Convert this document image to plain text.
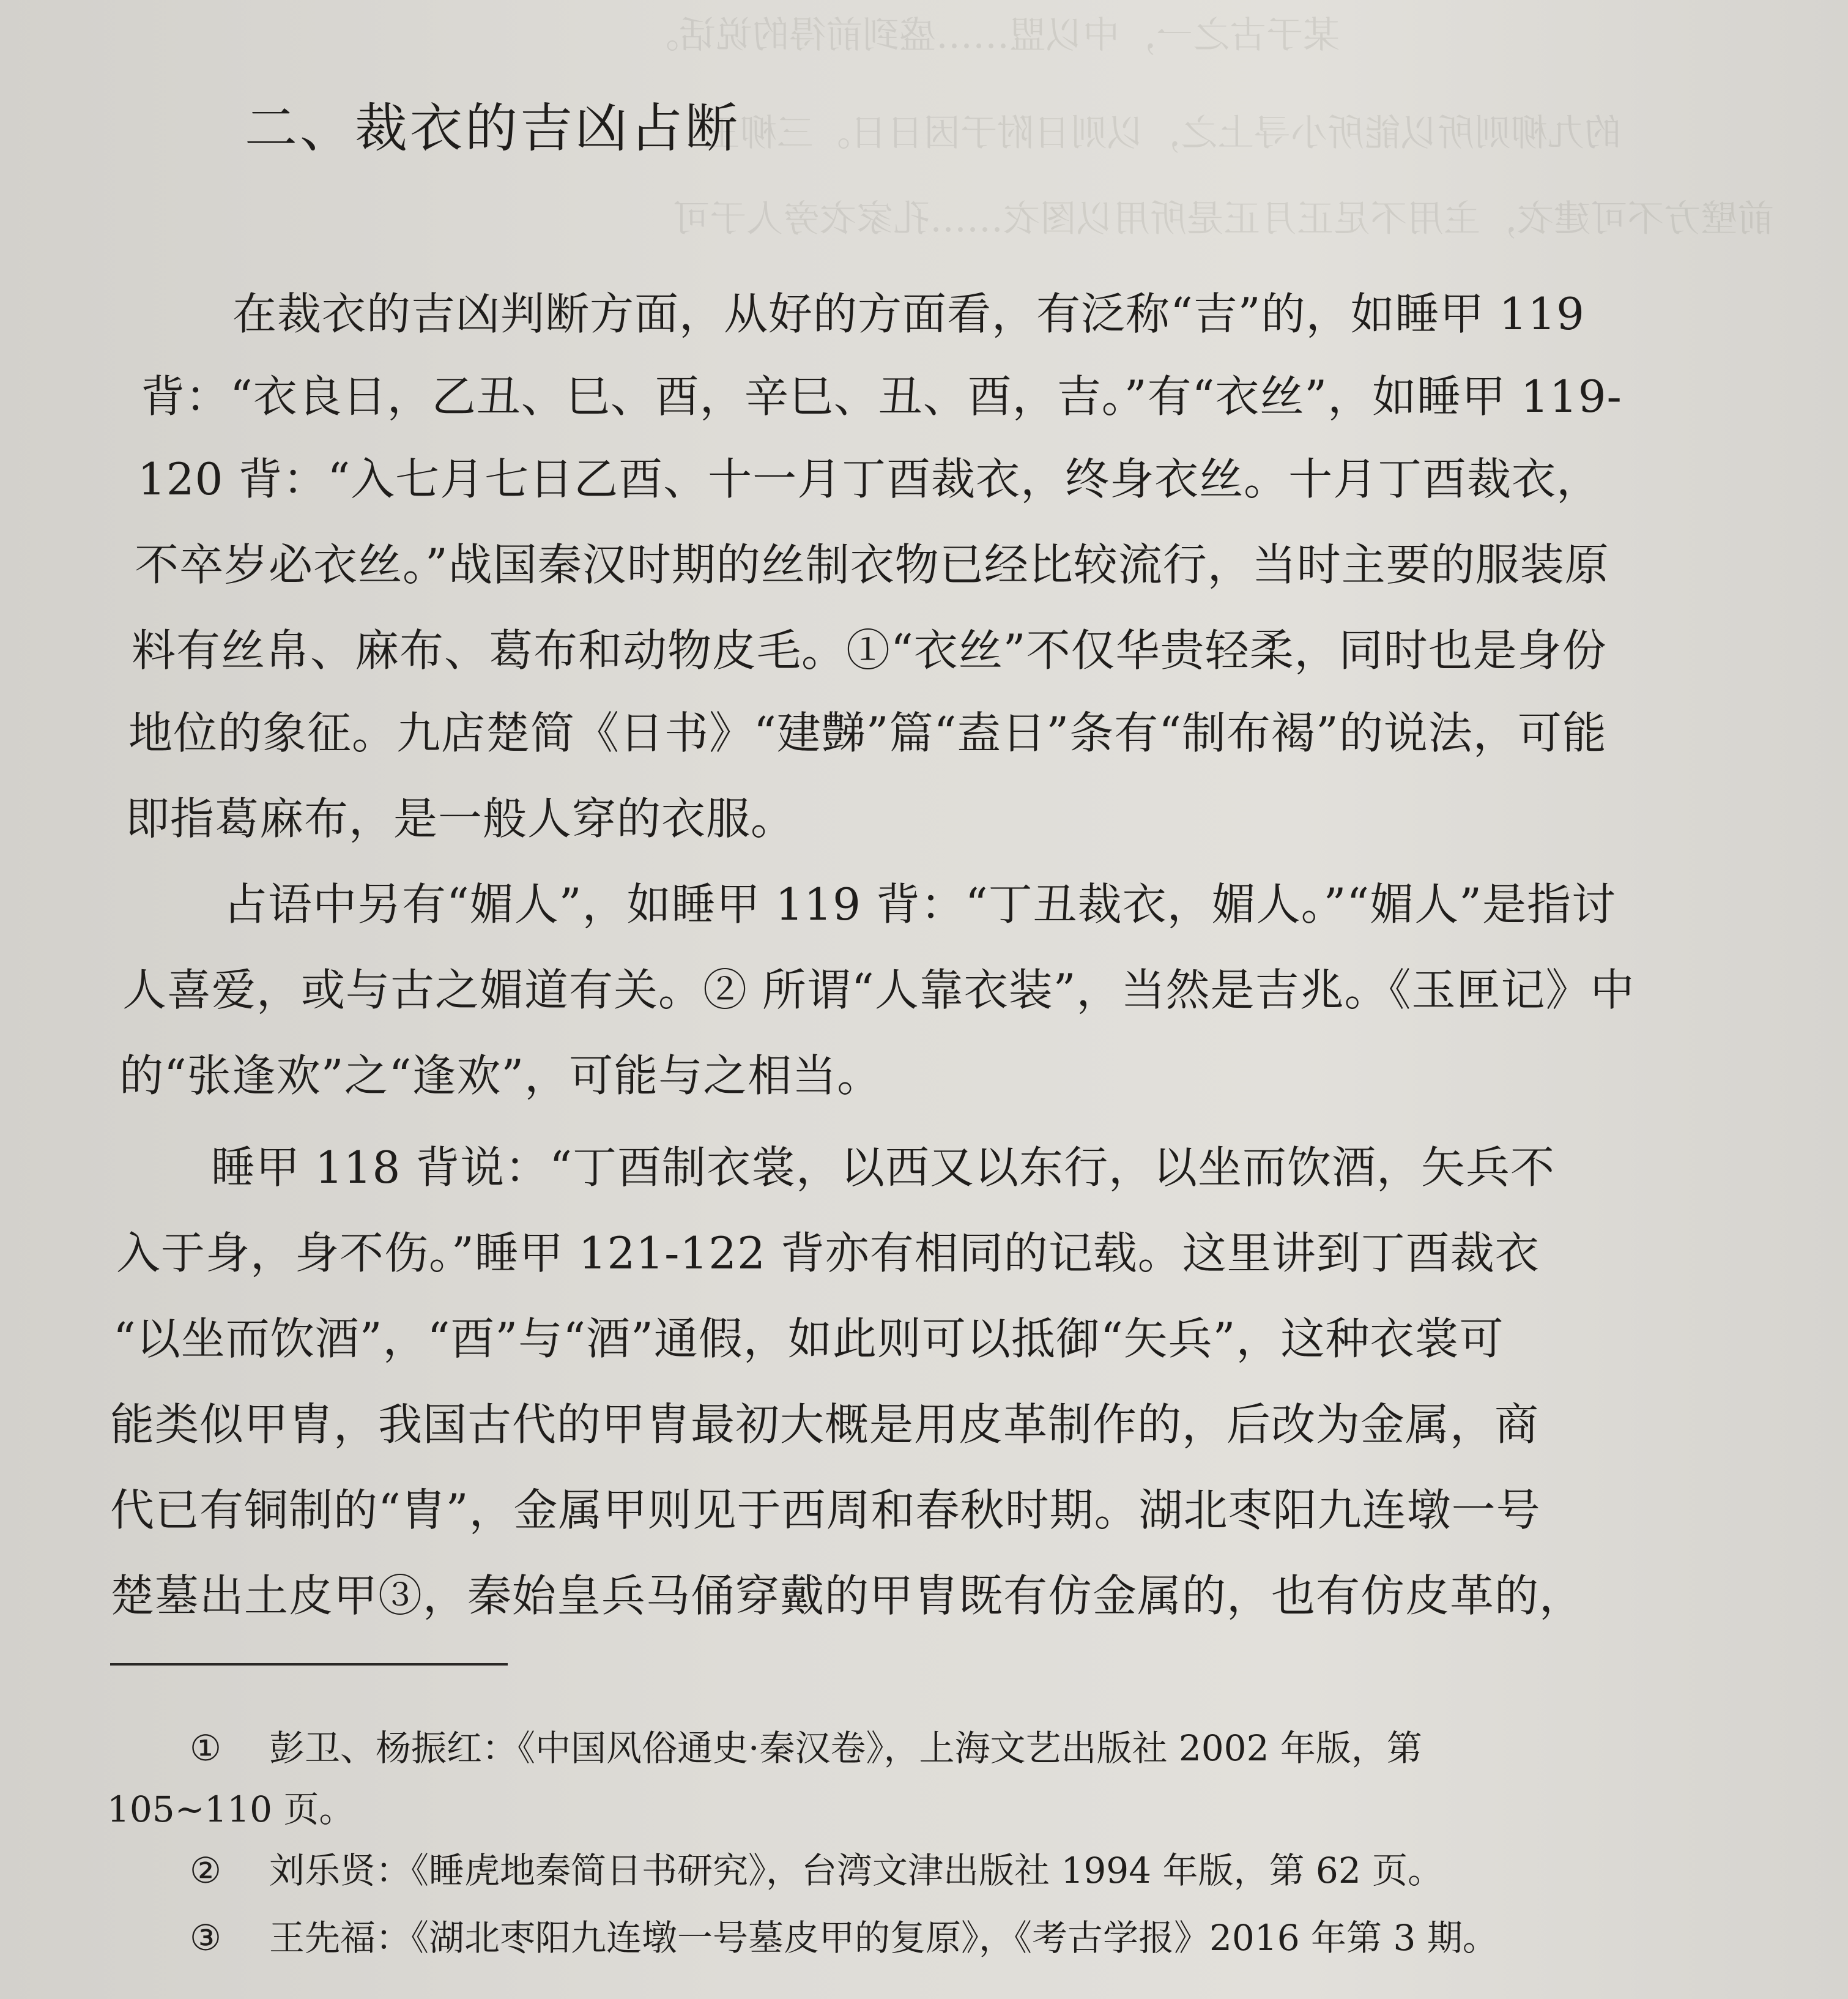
某于古之一，中以盟……盛到前得的说话。
的九柳则所以能所小寻上之，以则日附于因日日。三柳王
前壁方不可建衣，主用不足正月正是所用以图衣……孔家衣旁人于可
二、裁衣的吉凶占断
在裁衣的吉凶判断方面，从好的方面看，有泛称“吉”的，如睡甲 119
背：“衣良日，乙丑、巳、酉，辛巳、丑、酉，吉。”有“衣丝”，如睡甲 119-
120 背：“入七月七日乙酉、十一月丁酉裁衣，终身衣丝。十月丁酉裁衣，
不卒岁必衣丝。”战国秦汉时期的丝制衣物已经比较流行，当时主要的服装原
料有丝帛、麻布、葛布和动物皮毛。①“衣丝”不仅华贵轻柔，同时也是身份
地位的象征。九店楚简《日书》“建豑”篇“盍日”条有“制布褐”的说法，可能
即指葛麻布，是一般人穿的衣服。
占语中另有“媚人”，如睡甲 119 背：“丁丑裁衣，媚人。”“媚人”是指讨
人喜爱，或与古之媚道有关。② 所谓“人靠衣装”，当然是吉兆。《玉匣记》中
的“张逢欢”之“逢欢”，可能与之相当。
睡甲 118 背说：“丁酉制衣裳，以西又以东行，以坐而饮酒，矢兵不
入于身，身不伤。”睡甲 121-122 背亦有相同的记载。这里讲到丁酉裁衣
“以坐而饮酒”，“酉”与“酒”通假，如此则可以抵御“矢兵”，这种衣裳可
能类似甲胄，我国古代的甲胄最初大概是用皮革制作的，后改为金属，商
代已有铜制的“胄”，金属甲则见于西周和春秋时期。湖北枣阳九连墩一号
楚墓出土皮甲③，秦始皇兵马俑穿戴的甲胄既有仿金属的，也有仿皮革的，
① 彭卫、杨振红：《中国风俗通史·秦汉卷》，上海文艺出版社 2002 年版，第
105~110 页。
② 刘乐贤：《睡虎地秦简日书研究》，台湾文津出版社 1994 年版，第 62 页。
③ 王先福：《湖北枣阳九连墩一号墓皮甲的复原》，《考古学报》2016 年第 3 期。
